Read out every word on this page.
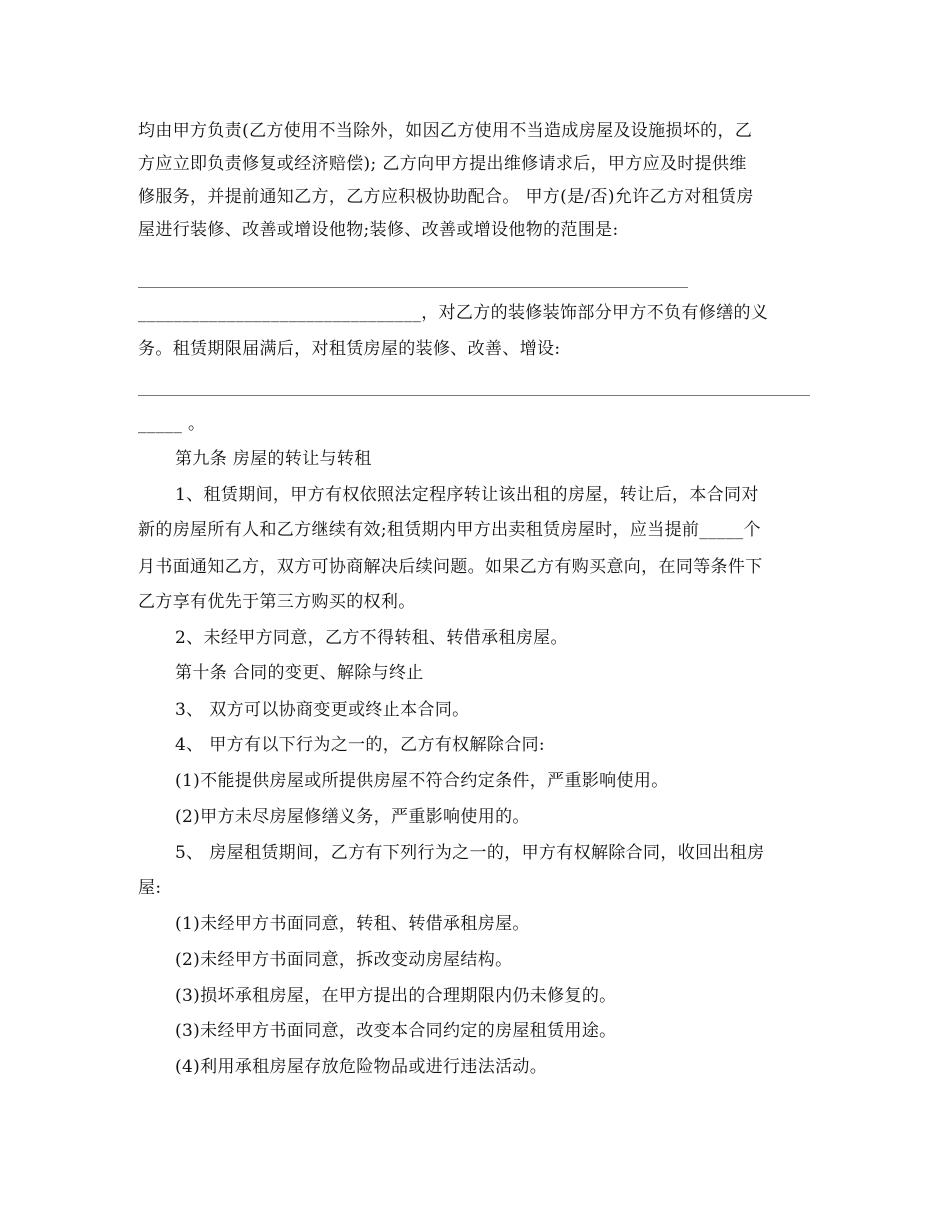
均由甲方负责(乙方使用不当除外，如因乙方使用不当造成房屋及设施损坏的，乙
方应立即负责修复或经济赔偿); 乙方向甲方提出维修请求后，甲方应及时提供维
修服务，并提前通知乙方，乙方应积极协助配合。 甲方(是/否)允许乙方对租赁房
屋进行装修、改善或增设他物;装修、改善或增设他物的范围是:
________________________________，对乙方的装修装饰部分甲方不负有修缮的义
务。租赁期限届满后，对租赁房屋的装修、改善、增设:
_____ 。
第九条 房屋的转让与转租
1、租赁期间，甲方有权依照法定程序转让该出租的房屋，转让后，本合同对
新的房屋所有人和乙方继续有效;租赁期内甲方出卖租赁房屋时，应当提前_____个
月书面通知乙方，双方可协商解决后续问题。如果乙方有购买意向，在同等条件下
乙方享有优先于第三方购买的权利。
2、未经甲方同意，乙方不得转租、转借承租房屋。
第十条 合同的变更、解除与终止
3、 双方可以协商变更或终止本合同。
4、 甲方有以下行为之一的，乙方有权解除合同:
(1)不能提供房屋或所提供房屋不符合约定条件，严重影响使用。
(2)甲方未尽房屋修缮义务，严重影响使用的。
5、 房屋租赁期间，乙方有下列行为之一的，甲方有权解除合同，收回出租房
屋:
(1)未经甲方书面同意，转租、转借承租房屋。
(2)未经甲方书面同意，拆改变动房屋结构。
(3)损坏承租房屋，在甲方提出的合理期限内仍未修复的。
(3)未经甲方书面同意，改变本合同约定的房屋租赁用途。
(4)利用承租房屋存放危险物品或进行违法活动。
